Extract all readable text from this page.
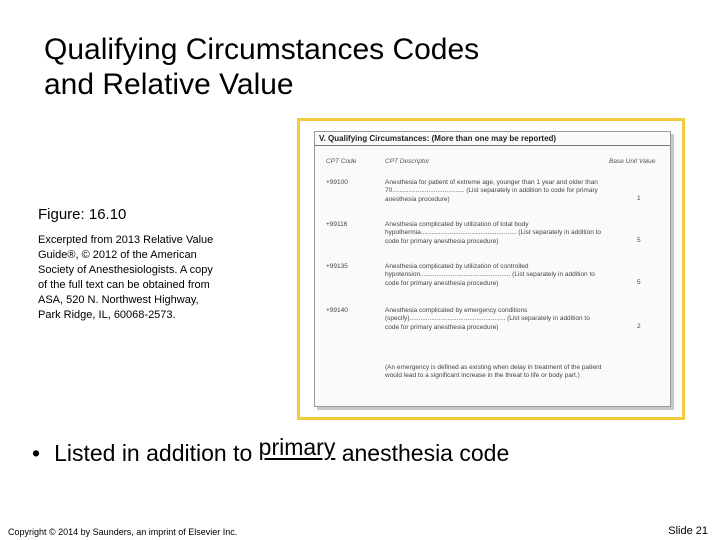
Qualifying Circumstances Codes
and Relative Value
Figure: 16.10
Excerpted from 2013 Relative Value Guide®, © 2012 of the American Society of Anesthesiologists. A copy of the full text can be obtained from ASA, 520 N. Northwest Highway, Park Ridge, IL, 60068-2573.
V. Qualifying Circumstances: (More than one may be reported)
CPT Code	CPT Descriptor	Base Unit Value
+99100	Anesthesia for patient of extreme age, younger than 1 year and older than 70........................................ (List separately in addition to code for primary anesthesia procedure)	1
+99116	Anesthesia complicated by utilization of total body hypothermia..................................................... (List separately in addition to code for primary anesthesia procedure)	5
+99135	Anesthesia complicated by utilization of controlled hypotension.................................................. (List separately in addition to code for primary anesthesia procedure)	5
+99140	Anesthesia complicated by emergency conditions (specify)..................................................... (List separately in addition to code for primary anesthesia procedure)	2
(An emergency is defined as existing when delay in treatment of the patient would lead to a significant increase in the threat to life or body part.)
• Listed in addition to primary anesthesia code
Copyright © 2014 by Saunders, an imprint of Elsevier Inc.	Slide 21
